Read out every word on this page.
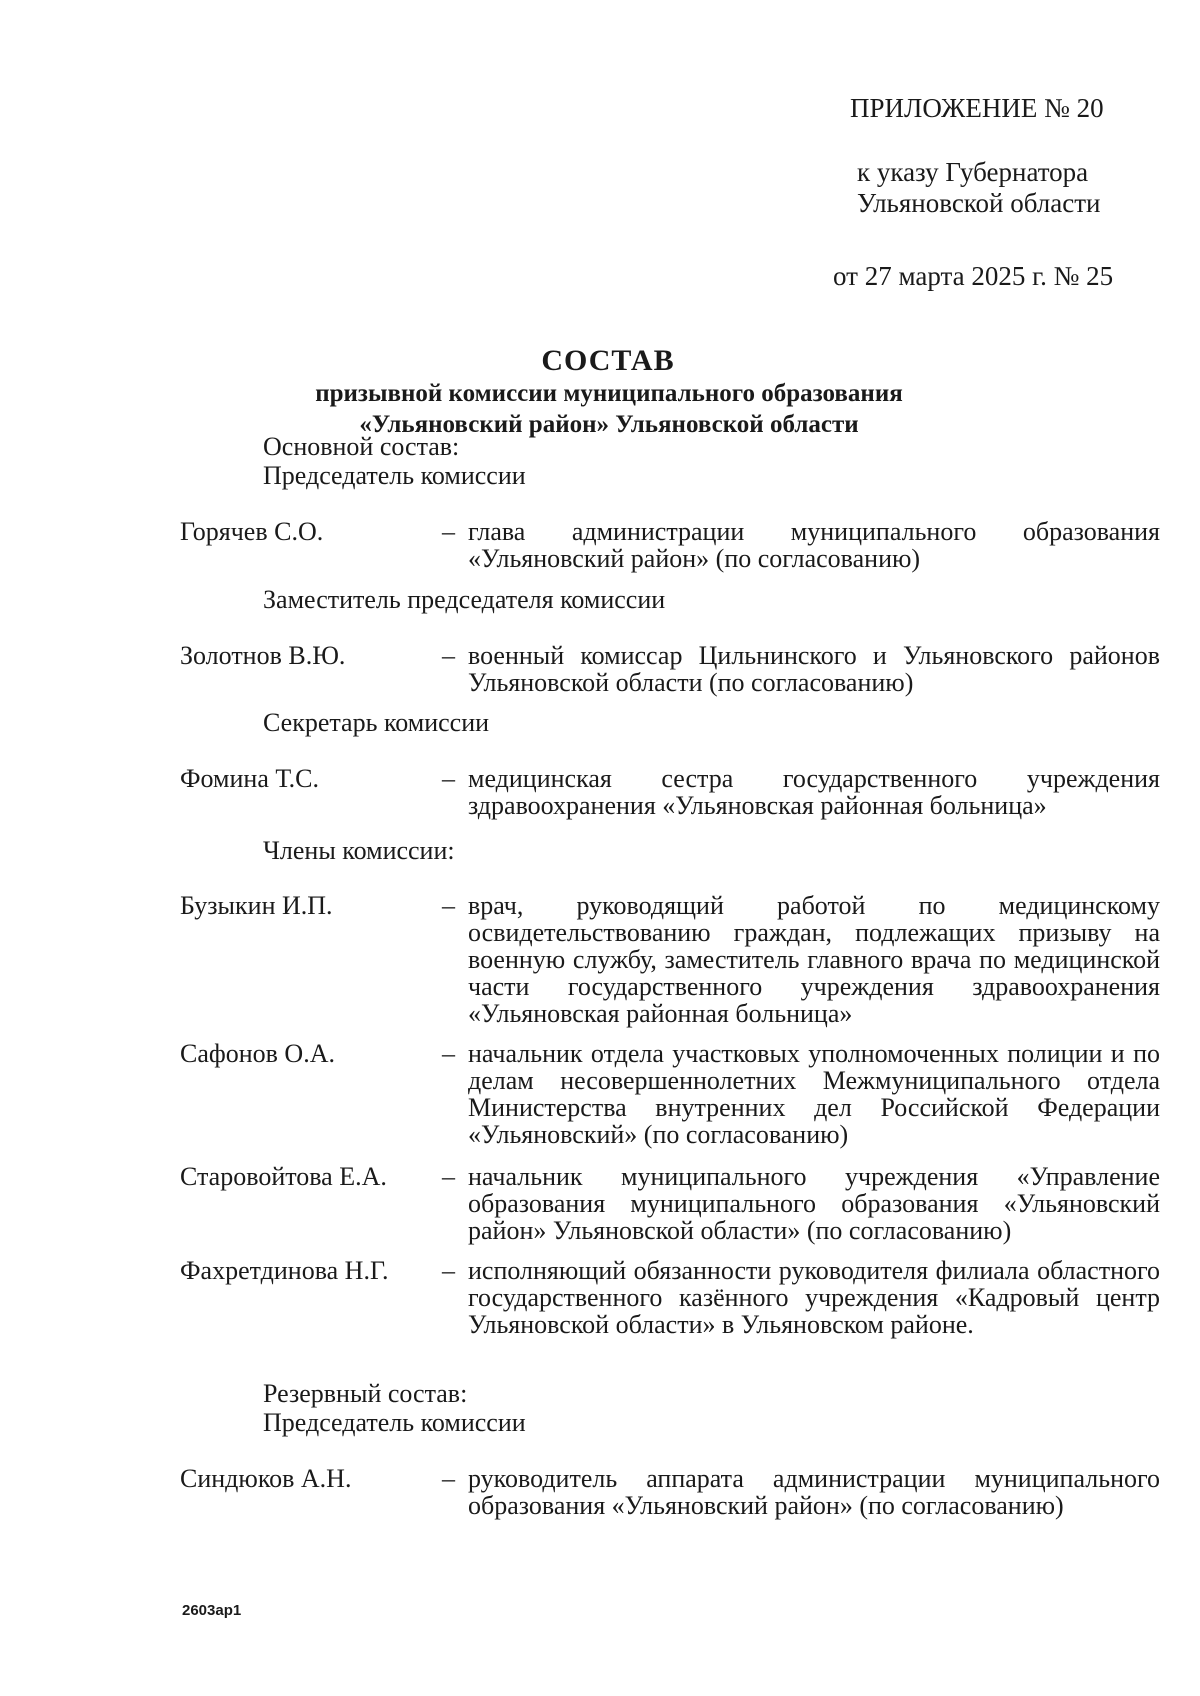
ПРИЛОЖЕНИЕ № 20
к указу Губернатора
Ульяновской области
от 27 марта 2025 г. № 25
СОСТАВ
призывной комиссии муниципального образования
«Ульяновский район» Ульяновской области
Основной состав:
Председатель комиссии
Горячев С.О.	– глава администрации муниципального образования «Ульяновский район» (по согласованию)
Заместитель председателя комиссии
Золотнов В.Ю.	– военный комиссар Цильнинского и Ульяновского районов Ульяновской области (по согласованию)
Секретарь комиссии
Фомина Т.С.	– медицинская сестра государственного учреждения здравоохранения «Ульяновская районная больница»
Члены комиссии:
Бузыкин И.П.	– врач, руководящий работой по медицинскому освидетельствованию граждан, подлежащих призыву на военную службу, заместитель главного врача по медицинской части государственного учреждения здравоохранения «Ульяновская районная больница»
Сафонов О.А.	– начальник отдела участковых уполномоченных полиции и по делам несовершеннолетних Межмуниципального отдела Министерства внутренних дел Российской Федерации «Ульяновский» (по согласованию)
Старовойтова Е.А. – начальник муниципального учреждения «Управление образования муниципального образования «Ульяновский район» Ульяновской области» (по согласованию)
Фахретдинова Н.Г. – исполняющий обязанности руководителя филиала областного государственного казённого учреждения «Кадровый центр Ульяновской области» в Ульяновском районе.
Резервный состав:
Председатель комиссии
Синдюков А.Н.	– руководитель аппарата администрации муниципального образования «Ульяновский район» (по согласованию)
2603ap1
